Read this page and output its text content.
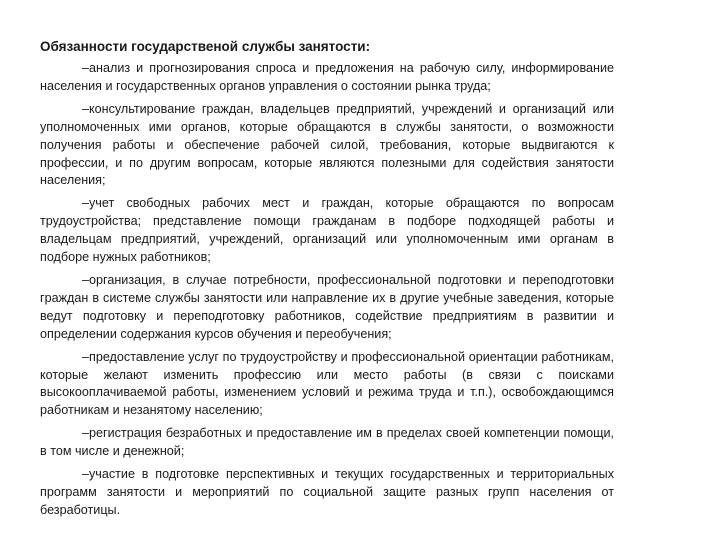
Обязанности государственой службы занятости:
–анализ и прогнозирования спроса и предложения на рабочую силу, информирование населения и государственных органов управления о состоянии рынка труда;
–консультирование граждан, владельцев предприятий, учреждений и организаций или уполномоченных ими органов, которые обращаются в службы занятости, о возможности получения работы и обеспечение рабочей силой, требования, которые выдвигаются к профессии, и по другим вопросам, которые являются полезными для содействия занятости населения;
–учет свободных рабочих мест и граждан, которые обращаются по вопросам трудоустройства; представление помощи гражданам в подборе подходящей работы и владельцам предприятий, учреждений, организаций или уполномоченным ими органам в подборе нужных работников;
–организация, в случае потребности, профессиональной подготовки и переподготовки граждан в системе службы занятости или направление их в другие учебные заведения, которые ведут подготовку и переподготовку работников, содействие предприятиям в развитии и определении содержания курсов обучения и переобучения;
–предоставление услуг по трудоустройству и профессиональной ориентации работникам, которые желают изменить профессию или место работы (в связи с поисками высокооплачиваемой работы, изменением условий и режима труда и т.п.), освобождающимся работникам и незанятому населению;
–регистрация безработных и предоставление им в пределах своей компетенции помощи, в том числе и денежной;
–участие в подготовке перспективных и текущих государственных и территориальных программ занятости и мероприятий по социальной защите разных групп населения от безработицы.
